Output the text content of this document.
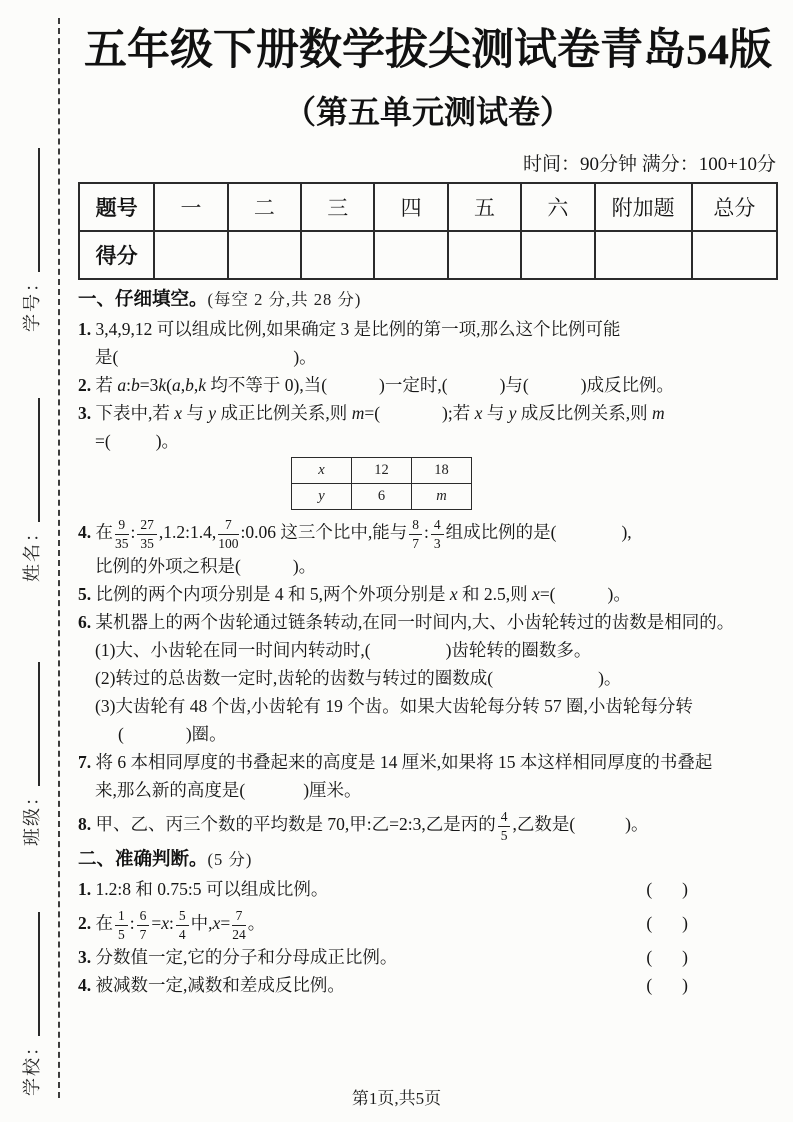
学号：
姓名：
班级：
学校：
五年级下册数学拔尖测试卷青岛54版
（第五单元测试卷）
时间：90分钟 满分：100+10分
题号	一	二	三	四	五	六	附加题	总分
得分								
一、仔细填空。(每空 2 分,共 28 分)
1. 3,4,9,12 可以组成比例,如果确定 3 是比例的第一项,那么这个比例可能
是(	)。
2. 若 a:b=3k(a,b,k 均不等于 0),当(	)一定时,(	)与(	)成反比例。
3. 下表中,若 x 与 y 成正比例关系,则 m=(	);若 x 与 y 成反比例关系,则 m
=(	)。
x	12	18
y	6	m
4. 在 $\frac{9}{35}$ : $\frac{27}{35}$ ,1.2:1.4, $\frac{7}{100}$ :0.06 这三个比中,能与 $\frac{8}{7}$ : $\frac{4}{3}$ 组成比例的是(	),
比例的外项之积是(	)。
5. 比例的两个内项分别是 4 和 5,两个外项分别是 x 和 2.5,则 x=(	)。
6. 某机器上的两个齿轮通过链条转动,在同一时间内,大、小齿轮转过的齿数是相同的。
(1)大、小齿轮在同一时间内转动时,(	)齿轮转的圈数多。
(2)转过的总齿数一定时,齿轮的齿数与转过的圈数成(	)。
(3)大齿轮有 48 个齿,小齿轮有 19 个齿。如果大齿轮每分转 57 圈,小齿轮每分转
(	)圈。
7. 将 6 本相同厚度的书叠起来的高度是 14 厘米,如果将 15 本这样相同厚度的书叠起
来,那么新的高度是(	)厘米。
8. 甲、乙、丙三个数的平均数是 70,甲:乙=2:3,乙是丙的 $\frac{4}{5}$ ,乙数是(	)。
二、准确判断。(5 分)
1. 1.2:8 和 0.75:5 可以组成比例。	( )
2. 在 $\frac{1}{5}$ : $\frac{6}{7} =x$: $\frac{5}{4}$ 中$,x= \frac{7}{24}$ 。	( )
3. 分数值一定,它的分子和分母成正比例。	( )
4. 被减数一定,减数和差成反比例。	( )
第1页,共5页
